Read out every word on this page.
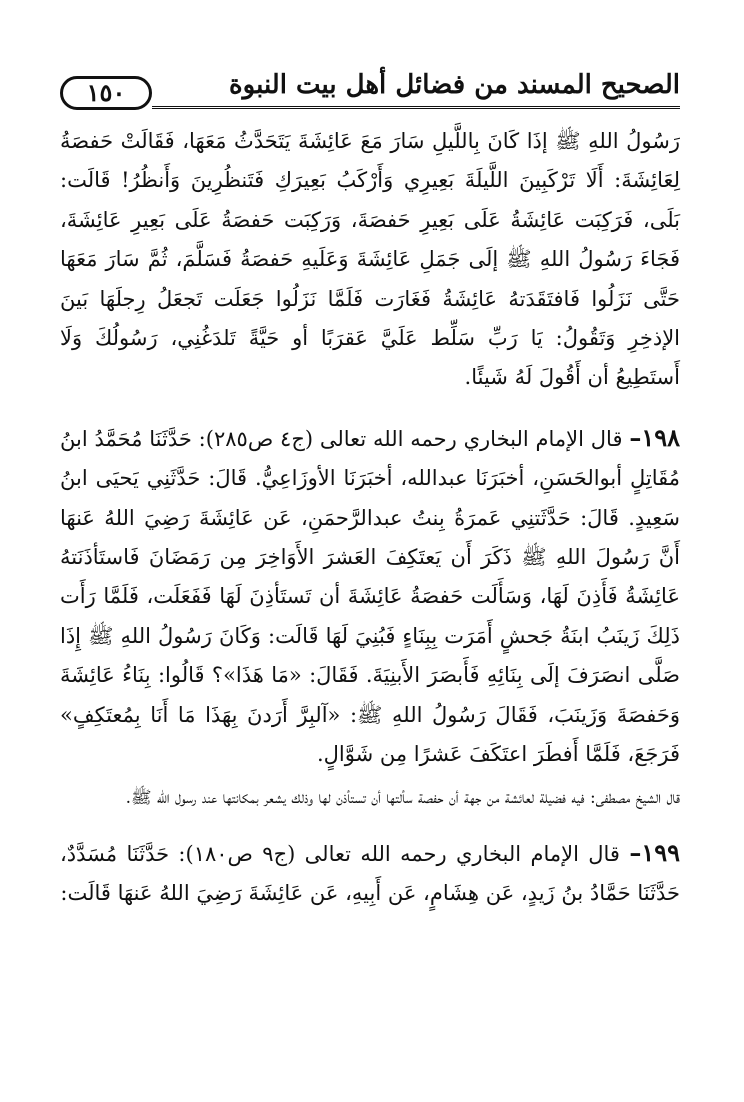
١٥٠	الصحيح المسند من فضائل أهل بيت النبوة

رَسُولُ اللهِ ﷺ إذَا كَانَ بِاللَّيلِ سَارَ مَعَ عَائِشَةَ يَتَحَدَّثُ مَعَهَا، فَقَالَتْ حَفصَةُ لِعَائِشَةَ: أَلَا تَرْكَبِينَ اللَّيلَةَ بَعِيرِي وَأَرْكَبُ بَعِيرَكِ فَتَنظُرِينَ وَأَنظُرُ! قَالَت: بَلَى، فَرَكِبَت عَائِشَةُ عَلَى بَعِيرِ حَفصَةَ، وَرَكِبَت حَفصَةُ عَلَى بَعِيرِ عَائِشَةَ، فَجَاءَ رَسُولُ اللهِ ﷺ إلَى جَمَلِ عَائِشَةَ وَعَلَيهِ حَفصَةُ فَسَلَّمَ، ثُمَّ سَارَ مَعَهَا حَتَّى نَزَلُوا فَافتَقَدَتهُ عَائِشَةُ فَغَارَت فَلَمَّا نَزَلُوا جَعَلَت تَجعَلُ رِجلَهَا بَينَ الإذخِرِ وَتَقُولُ: يَا رَبِّ سَلِّط عَلَيَّ عَقرَبًا أو حَيَّةً تَلدَغُنِي، رَسُولُكَ وَلَا أَستَطِيعُ أن أَقُولَ لَهُ شَيئًا.

١٩٨– قال الإمام البخاري رحمه الله تعالى (ج٤ ص٢٨٥): حَدَّثَنَا مُحَمَّدُ ابنُ مُقَاتِلٍ أبوالحَسَنِ، أخبَرَنَا عبدالله، أخبَرَنَا الأوزَاعِيُّ. قَالَ: حَدَّثَنِي يَحيَى ابنُ سَعِيدٍ. قَالَ: حَدَّثَتنِي عَمرَةُ بِنتُ عبدالرَّحمَنِ، عَن عَائِشَةَ رَضِيَ اللهُ عَنهَا أَنَّ رَسُولَ اللهِ ﷺ ذَكَرَ أَن يَعتَكِفَ العَشرَ الأَوَاخِرَ مِن رَمَضَانَ فَاستَأذَنَتهُ عَائِشَةُ فَأَذِنَ لَهَا، وَسَأَلَت حَفصَةُ عَائِشَةَ أن تَستَأذِنَ لَهَا فَفَعَلَت، فَلَمَّا رَأَت ذَلِكَ زَينَبُ ابنَةُ جَحشٍ أَمَرَت بِبِنَاءٍ فَبُنِيَ لَهَا قَالَت: وَكَانَ رَسُولُ اللهِ ﷺ إِذَا صَلَّى انصَرَفَ إلَى بِنَائِهِ فَأَبصَرَ الأَبنِيَةَ. فَقَالَ: «مَا هَذَا»؟ قَالُوا: بِنَاءُ عَائِشَةَ وَحَفصَةَ وَزَينَبَ، فَقَالَ رَسُولُ اللهِ ﷺ: «آلبِرَّ أَرَدنَ بِهَذَا مَا أَنَا بِمُعتَكِفٍ» فَرَجَعَ، فَلَمَّا أَفطَرَ اعتَكَفَ عَشرًا مِن شَوَّالٍ.

قال الشيخ مصطفى: فيه فضيلة لعائشة من جهة أن حفصة سألتها أن تستأذن لها وذلك يشعر بمكانتها عند رسول الله ﷺ.

١٩٩– قال الإمام البخاري رحمه الله تعالى (ج٩ ص١٨٠): حَدَّثَنَا مُسَدَّدٌ، حَدَّثَنَا حَمَّادُ بنُ زَيدٍ، عَن هِشَامٍ، عَن أَبِيهِ، عَن عَائِشَةَ رَضِيَ اللهُ عَنهَا قَالَت:
